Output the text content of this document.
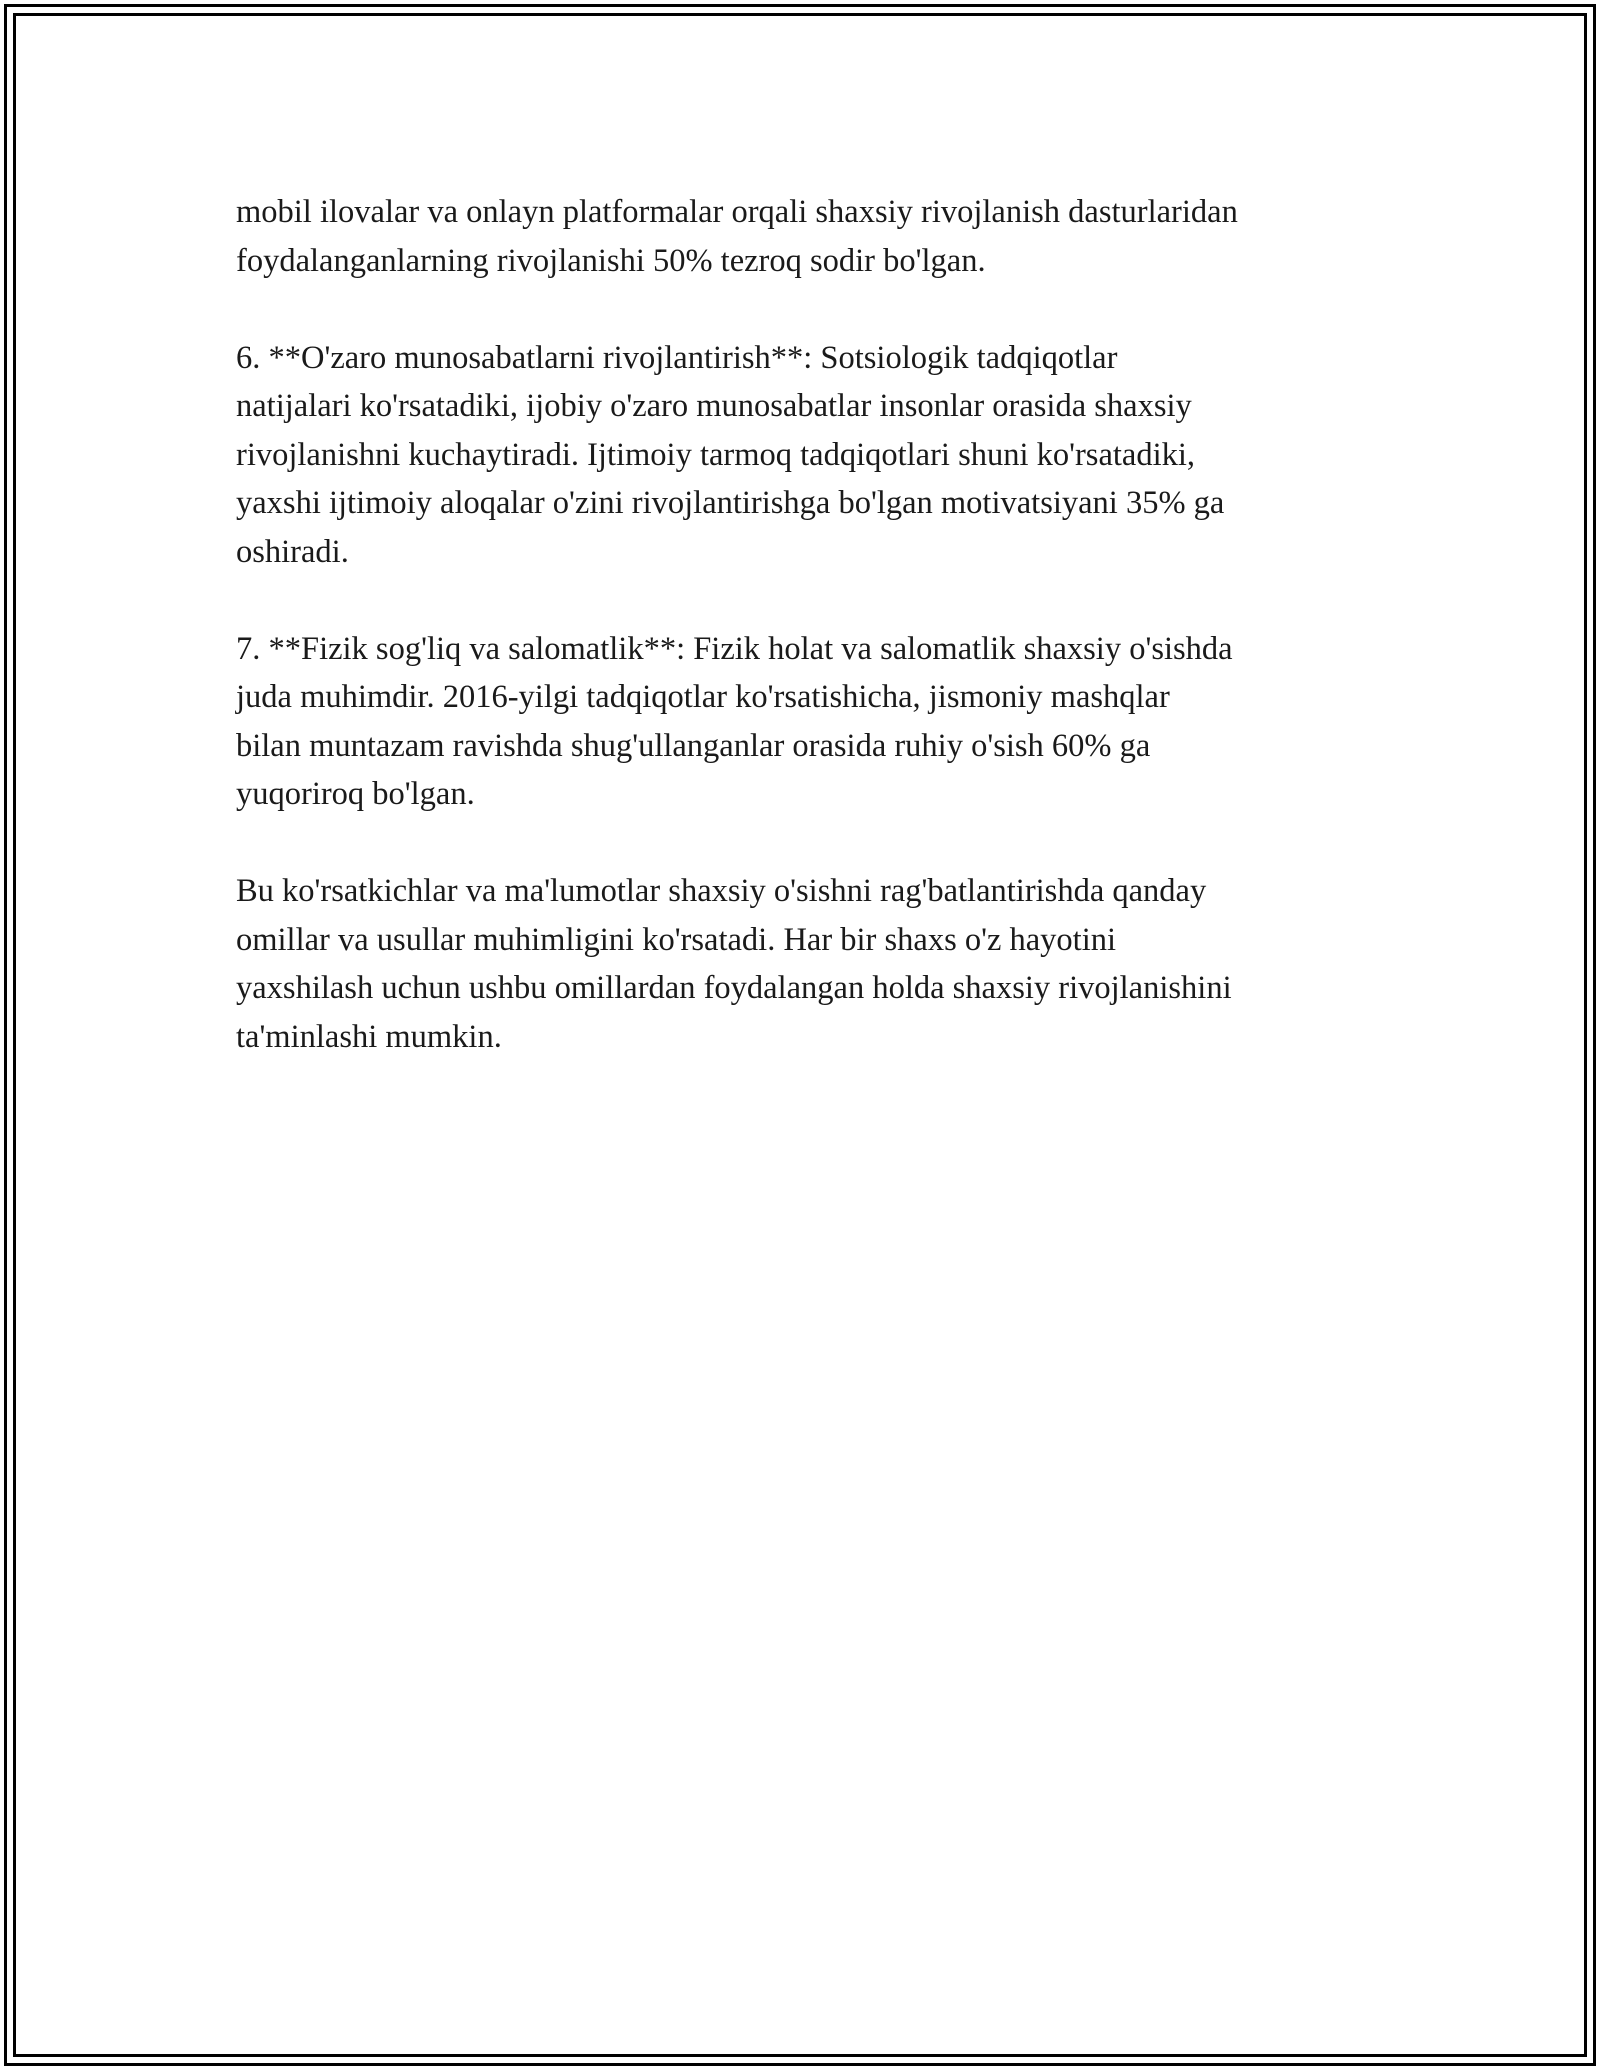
mobil ilovalar va onlayn platformalar orqali shaxsiy rivojlanish dasturlaridan
foydalanganlarning rivojlanishi 50% tezroq sodir bo'lgan.

6. **O'zaro munosabatlarni rivojlantirish**: Sotsiologik tadqiqotlar
natijalari ko'rsatadiki, ijobiy o'zaro munosabatlar insonlar orasida shaxsiy
rivojlanishni kuchaytiradi. Ijtimoiy tarmoq tadqiqotlari shuni ko'rsatadiki,
yaxshi ijtimoiy aloqalar o'zini rivojlantirishga bo'lgan motivatsiyani 35% ga
oshiradi.

7. **Fizik sog'liq va salomatlik**: Fizik holat va salomatlik shaxsiy o'sishda
juda muhimdir. 2016-yilgi tadqiqotlar ko'rsatishicha, jismoniy mashqlar
bilan muntazam ravishda shug'ullanganlar orasida ruhiy o'sish 60% ga
yuqoriroq bo'lgan.

Bu ko'rsatkichlar va ma'lumotlar shaxsiy o'sishni rag'batlantirishda qanday
omillar va usullar muhimligini ko'rsatadi. Har bir shaxs o'z hayotini
yaxshilash uchun ushbu omillardan foydalangan holda shaxsiy rivojlanishini
ta'minlashi mumkin.
